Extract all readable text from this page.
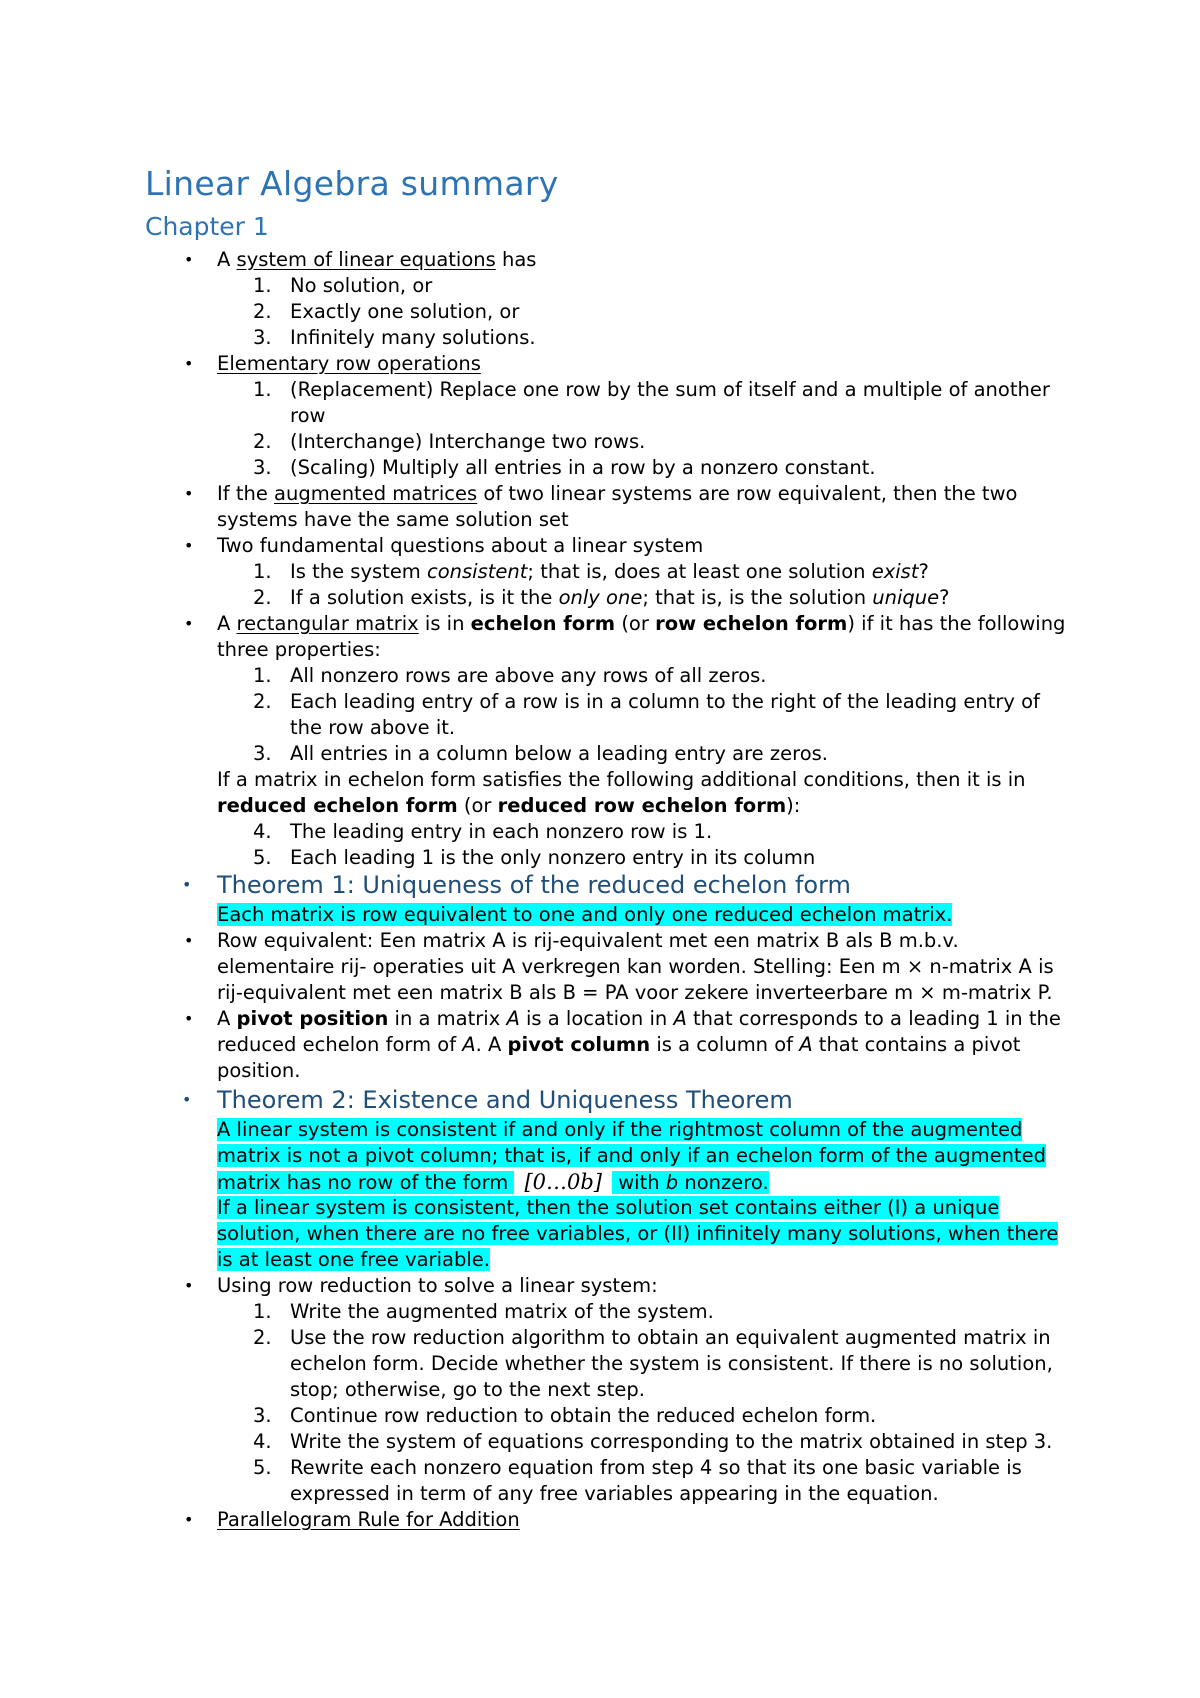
Linear Algebra summary
Chapter 1
• A system of linear equations has
1. No solution, or
2. Exactly one solution, or
3. Infinitely many solutions.
• Elementary row operations
1. (Replacement) Replace one row by the sum of itself and a multiple of another
row
2. (Interchange) Interchange two rows.
3. (Scaling) Multiply all entries in a row by a nonzero constant.
• If the augmented matrices of two linear systems are row equivalent, then the two
systems have the same solution set
• Two fundamental questions about a linear system
1. Is the system consistent; that is, does at least one solution exist?
2. If a solution exists, is it the only one; that is, is the solution unique?
• A rectangular matrix is in echelon form (or row echelon form) if it has the following
three properties:
1. All nonzero rows are above any rows of all zeros.
2. Each leading entry of a row is in a column to the right of the leading entry of
the row above it.
3. All entries in a column below a leading entry are zeros.
If a matrix in echelon form satisfies the following additional conditions, then it is in
reduced echelon form (or reduced row echelon form):
4. The leading entry in each nonzero row is 1.
5. Each leading 1 is the only nonzero entry in its column
• Theorem 1: Uniqueness of the reduced echelon form
Each matrix is row equivalent to one and only one reduced echelon matrix.
• Row equivalent: Een matrix A is rij-equivalent met een matrix B als B m.b.v.
elementaire rij- operaties uit A verkregen kan worden. Stelling: Een m × n-matrix A is
rij-equivalent met een matrix B als B = PA voor zekere inverteerbare m × m-matrix P.
• A pivot position in a matrix A is a location in A that corresponds to a leading 1 in the
reduced echelon form of A. A pivot column is a column of A that contains a pivot
position.
• Theorem 2: Existence and Uniqueness Theorem
A linear system is consistent if and only if the rightmost column of the augmented
matrix is not a pivot column; that is, if and only if an echelon form of the augmented
matrix has no row of the form [0…0b] with b nonzero.
If a linear system is consistent, then the solution set contains either (I) a unique
solution, when there are no free variables, or (II) infinitely many solutions, when there
is at least one free variable.
• Using row reduction to solve a linear system:
1. Write the augmented matrix of the system.
2. Use the row reduction algorithm to obtain an equivalent augmented matrix in
echelon form. Decide whether the system is consistent. If there is no solution,
stop; otherwise, go to the next step.
3. Continue row reduction to obtain the reduced echelon form.
4. Write the system of equations corresponding to the matrix obtained in step 3.
5. Rewrite each nonzero equation from step 4 so that its one basic variable is
expressed in term of any free variables appearing in the equation.
• Parallelogram Rule for Addition
